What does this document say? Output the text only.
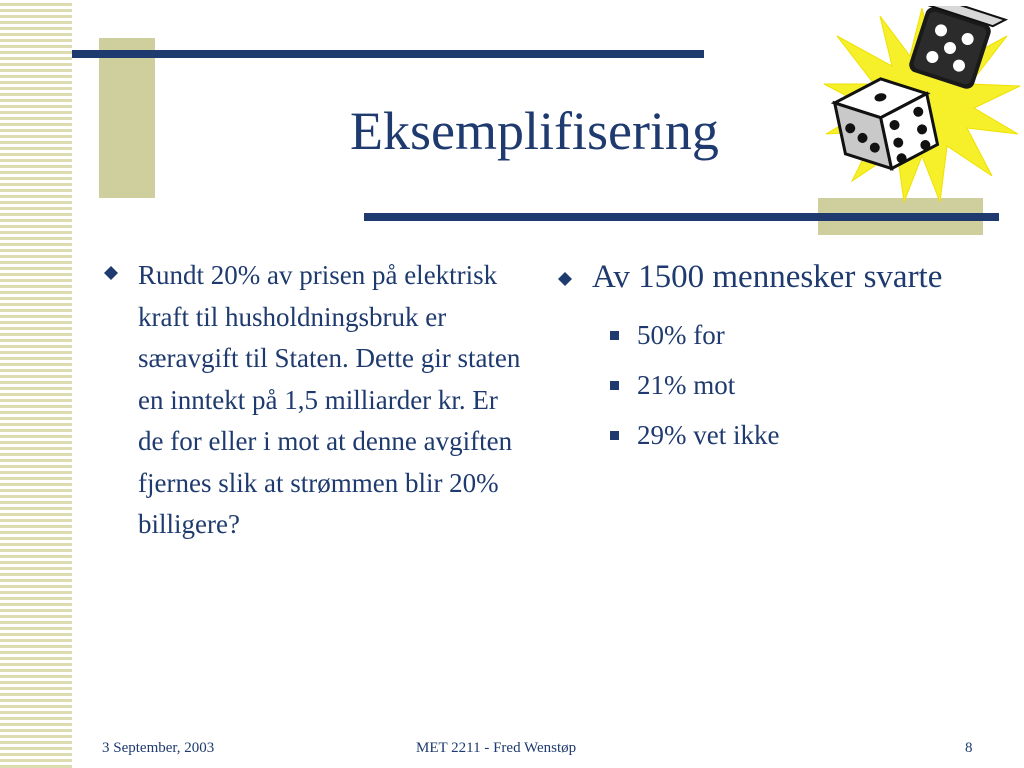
Eksemplifisering
Rundt 20% av prisen på elektrisk kraft til husholdningsbruk er særavgift til Staten. Dette gir staten en inntekt på 1,5 milliarder kr. Er de for eller i mot at denne avgiften fjernes slik at strømmen blir 20% billigere?
Av 1500 mennesker svarte
50% for
21% mot
29% vet ikke
3 September, 2003	MET 2211 - Fred Wenstøp	8
